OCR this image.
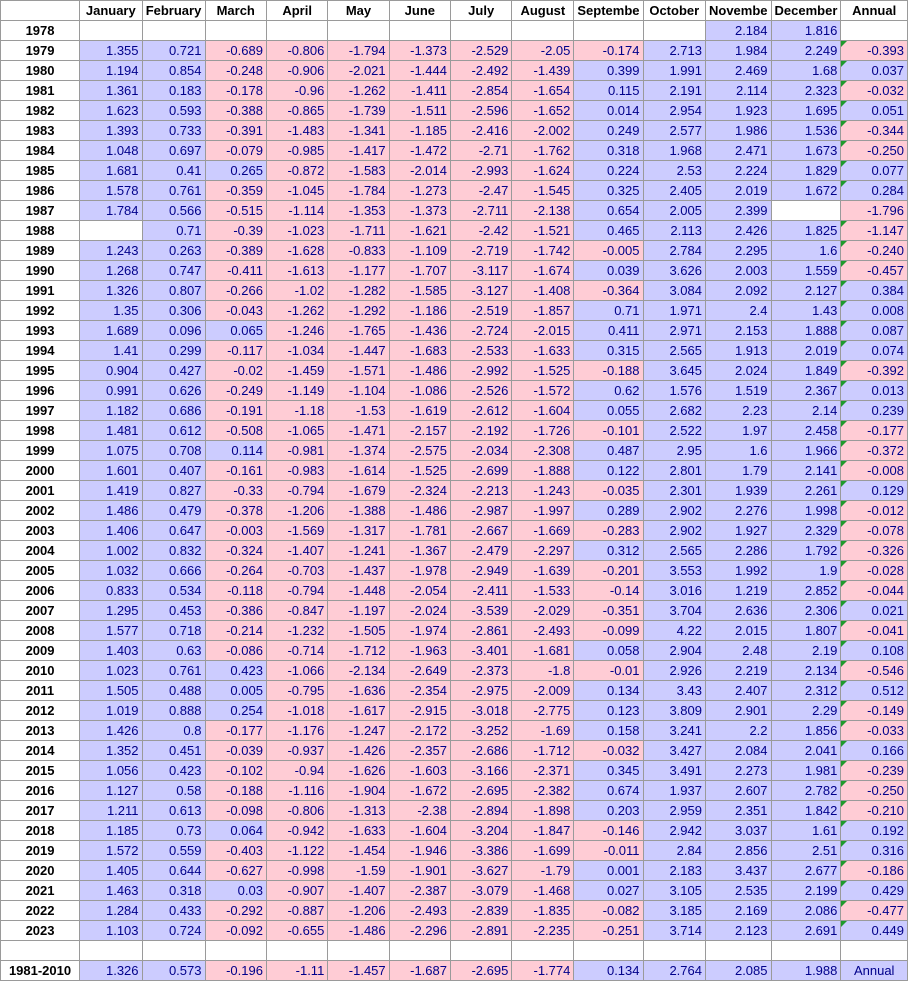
	January	February	March	April	May	June	July	August	Septembe	October	Novembe	December	Annual
1978											2.184	1.816	
1979	1.355	0.721	-0.689	-0.806	-1.794	-1.373	-2.529	-2.05	-0.174	2.713	1.984	2.249	-0.393
1980	1.194	0.854	-0.248	-0.906	-2.021	-1.444	-2.492	-1.439	0.399	1.991	2.469	1.68	0.037
1981	1.361	0.183	-0.178	-0.96	-1.262	-1.411	-2.854	-1.654	0.115	2.191	2.114	2.323	-0.032
1982	1.623	0.593	-0.388	-0.865	-1.739	-1.511	-2.596	-1.652	0.014	2.954	1.923	1.695	0.051
1983	1.393	0.733	-0.391	-1.483	-1.341	-1.185	-2.416	-2.002	0.249	2.577	1.986	1.536	-0.344
1984	1.048	0.697	-0.079	-0.985	-1.417	-1.472	-2.71	-1.762	0.318	1.968	2.471	1.673	-0.250
1985	1.681	0.41	0.265	-0.872	-1.583	-2.014	-2.993	-1.624	0.224	2.53	2.224	1.829	0.077
1986	1.578	0.761	-0.359	-1.045	-1.784	-1.273	-2.47	-1.545	0.325	2.405	2.019	1.672	0.284
1987	1.784	0.566	-0.515	-1.114	-1.353	-1.373	-2.711	-2.138	0.654	2.005	2.399		-1.796
1988		0.71	-0.39	-1.023	-1.711	-1.621	-2.42	-1.521	0.465	2.113	2.426	1.825	-1.147
1989	1.243	0.263	-0.389	-1.628	-0.833	-1.109	-2.719	-1.742	-0.005	2.784	2.295	1.6	-0.240
1990	1.268	0.747	-0.411	-1.613	-1.177	-1.707	-3.117	-1.674	0.039	3.626	2.003	1.559	-0.457
1991	1.326	0.807	-0.266	-1.02	-1.282	-1.585	-3.127	-1.408	-0.364	3.084	2.092	2.127	0.384
1992	1.35	0.306	-0.043	-1.262	-1.292	-1.186	-2.519	-1.857	0.71	1.971	2.4	1.43	0.008
1993	1.689	0.096	0.065	-1.246	-1.765	-1.436	-2.724	-2.015	0.411	2.971	2.153	1.888	0.087
1994	1.41	0.299	-0.117	-1.034	-1.447	-1.683	-2.533	-1.633	0.315	2.565	1.913	2.019	0.074
1995	0.904	0.427	-0.02	-1.459	-1.571	-1.486	-2.992	-1.525	-0.188	3.645	2.024	1.849	-0.392
1996	0.991	0.626	-0.249	-1.149	-1.104	-1.086	-2.526	-1.572	0.62	1.576	1.519	2.367	0.013
1997	1.182	0.686	-0.191	-1.18	-1.53	-1.619	-2.612	-1.604	0.055	2.682	2.23	2.14	0.239
1998	1.481	0.612	-0.508	-1.065	-1.471	-2.157	-2.192	-1.726	-0.101	2.522	1.97	2.458	-0.177
1999	1.075	0.708	0.114	-0.981	-1.374	-2.575	-2.034	-2.308	0.487	2.95	1.6	1.966	-0.372
2000	1.601	0.407	-0.161	-0.983	-1.614	-1.525	-2.699	-1.888	0.122	2.801	1.79	2.141	-0.008
2001	1.419	0.827	-0.33	-0.794	-1.679	-2.324	-2.213	-1.243	-0.035	2.301	1.939	2.261	0.129
2002	1.486	0.479	-0.378	-1.206	-1.388	-1.486	-2.987	-1.997	0.289	2.902	2.276	1.998	-0.012
2003	1.406	0.647	-0.003	-1.569	-1.317	-1.781	-2.667	-1.669	-0.283	2.902	1.927	2.329	-0.078
2004	1.002	0.832	-0.324	-1.407	-1.241	-1.367	-2.479	-2.297	0.312	2.565	2.286	1.792	-0.326
2005	1.032	0.666	-0.264	-0.703	-1.437	-1.978	-2.949	-1.639	-0.201	3.553	1.992	1.9	-0.028
2006	0.833	0.534	-0.118	-0.794	-1.448	-2.054	-2.411	-1.533	-0.14	3.016	1.219	2.852	-0.044
2007	1.295	0.453	-0.386	-0.847	-1.197	-2.024	-3.539	-2.029	-0.351	3.704	2.636	2.306	0.021
2008	1.577	0.718	-0.214	-1.232	-1.505	-1.974	-2.861	-2.493	-0.099	4.22	2.015	1.807	-0.041
2009	1.403	0.63	-0.086	-0.714	-1.712	-1.963	-3.401	-1.681	0.058	2.904	2.48	2.19	0.108
2010	1.023	0.761	0.423	-1.066	-2.134	-2.649	-2.373	-1.8	-0.01	2.926	2.219	2.134	-0.546
2011	1.505	0.488	0.005	-0.795	-1.636	-2.354	-2.975	-2.009	0.134	3.43	2.407	2.312	0.512
2012	1.019	0.888	0.254	-1.018	-1.617	-2.915	-3.018	-2.775	0.123	3.809	2.901	2.29	-0.149
2013	1.426	0.8	-0.177	-1.176	-1.247	-2.172	-3.252	-1.69	0.158	3.241	2.2	1.856	-0.033
2014	1.352	0.451	-0.039	-0.937	-1.426	-2.357	-2.686	-1.712	-0.032	3.427	2.084	2.041	0.166
2015	1.056	0.423	-0.102	-0.94	-1.626	-1.603	-3.166	-2.371	0.345	3.491	2.273	1.981	-0.239
2016	1.127	0.58	-0.188	-1.116	-1.904	-1.672	-2.695	-2.382	0.674	1.937	2.607	2.782	-0.250
2017	1.211	0.613	-0.098	-0.806	-1.313	-2.38	-2.894	-1.898	0.203	2.959	2.351	1.842	-0.210
2018	1.185	0.73	0.064	-0.942	-1.633	-1.604	-3.204	-1.847	-0.146	2.942	3.037	1.61	0.192
2019	1.572	0.559	-0.403	-1.122	-1.454	-1.946	-3.386	-1.699	-0.011	2.84	2.856	2.51	0.316
2020	1.405	0.644	-0.627	-0.998	-1.59	-1.901	-3.627	-1.79	0.001	2.183	3.437	2.677	-0.186
2021	1.463	0.318	0.03	-0.907	-1.407	-2.387	-3.079	-1.468	0.027	3.105	2.535	2.199	0.429
2022	1.284	0.433	-0.292	-0.887	-1.206	-2.493	-2.839	-1.835	-0.082	3.185	2.169	2.086	-0.477
2023	1.103	0.724	-0.092	-0.655	-1.486	-2.296	-2.891	-2.235	-0.251	3.714	2.123	2.691	0.449

1981-2010	1.326	0.573	-0.196	-1.11	-1.457	-1.687	-2.695	-1.774	0.134	2.764	2.085	1.988	Annual
